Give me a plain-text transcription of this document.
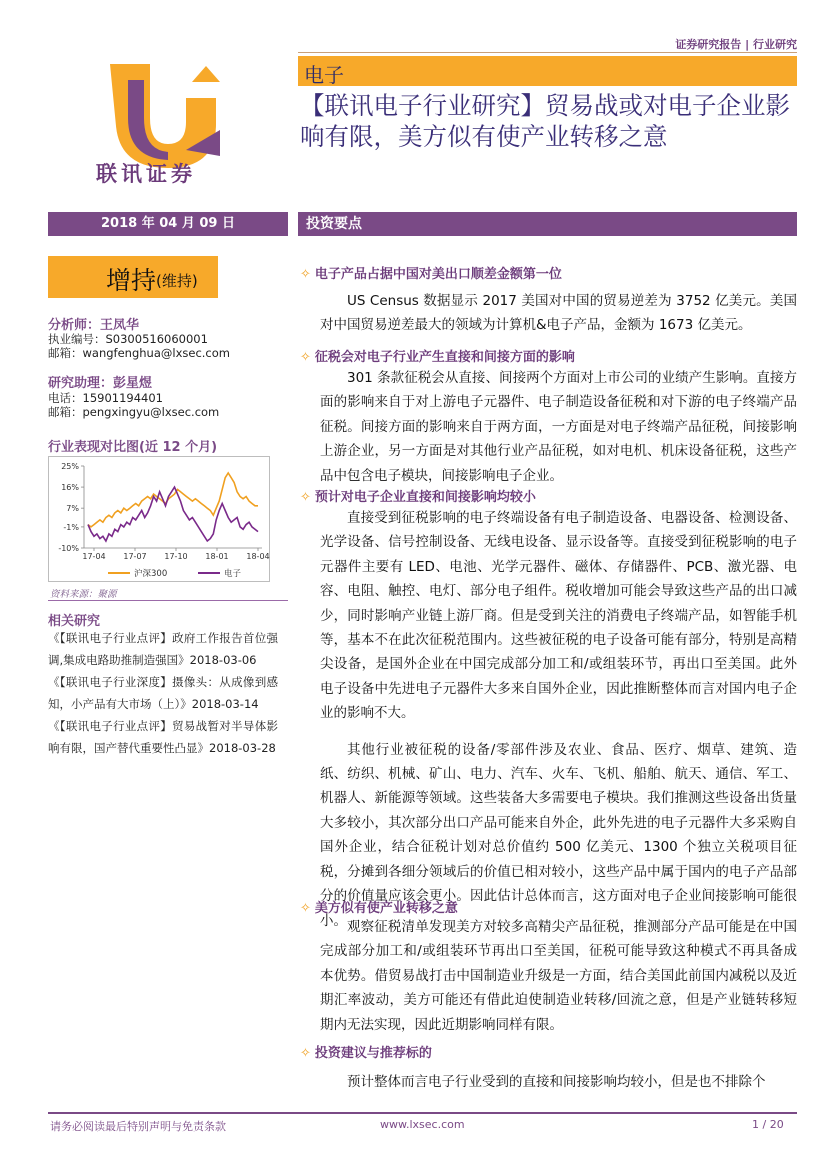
证券研究报告 | 行业研究
联讯证券
电子
【联讯电子行业研究】贸易战或对电子企业影响有限，美方似有使产业转移之意
2018 年 04 月 09 日	投资要点
增持 (维持)
分析师：王凤华
执业编号：S0300516060001
邮箱：wangfenghua@lxsec.com
研究助理：彭星煜
电话：15901194401
邮箱：pengxingyu@lxsec.com
行业表现对比图(近 12 个月)
25%
16%
7%
-1%
-10%
17-04 17-07 17-10 18-01 18-04
沪深300	电子
资料来源：聚源
相关研究

《【联讯电子行业点评】政府工作报告首位强调,集成电路助推制造强国》2018-03-06

《【联讯电子行业深度】摄像头：从成像到感知，小产品有大市场（上）》2018-03-14

《【联讯电子行业点评】贸易战暂对半导体影响有限，国产替代重要性凸显》2018-03-28

✧ 电子产品占据中国对美出口顺差金额第一位

US Census 数据显示 2017 美国对中国的贸易逆差为 3752 亿美元。美国对中国贸易逆差最大的领域为计算机&电子产品，金额为 1673 亿美元。

✧ 征税会对电子行业产生直接和间接方面的影响

301 条款征税会从直接、间接两个方面对上市公司的业绩产生影响。直接方面的影响来自于对上游电子元器件、电子制造设备征税和对下游的电子终端产品征税。间接方面的影响来自于两方面，一方面是对电子终端产品征税，间接影响上游企业，另一方面是对其他行业产品征税，如对电机、机床设备征税，这些产品中包含电子模块，间接影响电子企业。

✧ 预计对电子企业直接和间接影响均较小

直接受到征税影响的电子终端设备有电子制造设备、电器设备、检测设备、光学设备、信号控制设备、无线电设备、显示设备等。直接受到征税影响的电子元器件主要有 LED、电池、光学元器件、磁体、存储器件、PCB、激光器、电容、电阻、触控、电灯、部分电子组件。税收增加可能会导致这些产品的出口减少，同时影响产业链上游厂商。但是受到关注的消费电子终端产品，如智能手机等，基本不在此次征税范围内。这些被征税的电子设备可能有部分，特别是高精尖设备，是国外企业在中国完成部分加工和/或组装环节，再出口至美国。此外电子设备中先进电子元器件大多来自国外企业，因此推断整体而言对国内电子企业的影响不大。

其他行业被征税的设备/零部件涉及农业、食品、医疗、烟草、建筑、造纸、纺织、机械、矿山、电力、汽车、火车、飞机、船舶、航天、通信、军工、机器人、新能源等领域。这些装备大多需要电子模块。我们推测这些设备出货量大多较小，其次部分出口产品可能来自外企，此外先进的电子元器件大多采购自国外企业，结合征税计划对总价值约 500 亿美元、1300 个独立关税项目征税，分摊到各细分领域后的价值已相对较小，这些产品中属于国内的电子产品部分的价值量应该会更小。因此估计总体而言，这方面对电子企业间接影响可能很小。

✧ 美方似有使产业转移之意

观察征税清单发现美方对较多高精尖产品征税，推测部分产品可能是在中国完成部分加工和/或组装环节再出口至美国，征税可能导致这种模式不再具备成本优势。借贸易战打击中国制造业升级是一方面，结合美国此前国内减税以及近期汇率波动，美方可能还有借此迫使制造业转移/回流之意，但是产业链转移短期内无法实现，因此近期影响同样有限。

✧ 投资建议与推荐标的

预计整体而言电子行业受到的直接和间接影响均较小，但是也不排除个

请务必阅读最后特别声明与免责条款	www.lxsec.com	1 / 20
